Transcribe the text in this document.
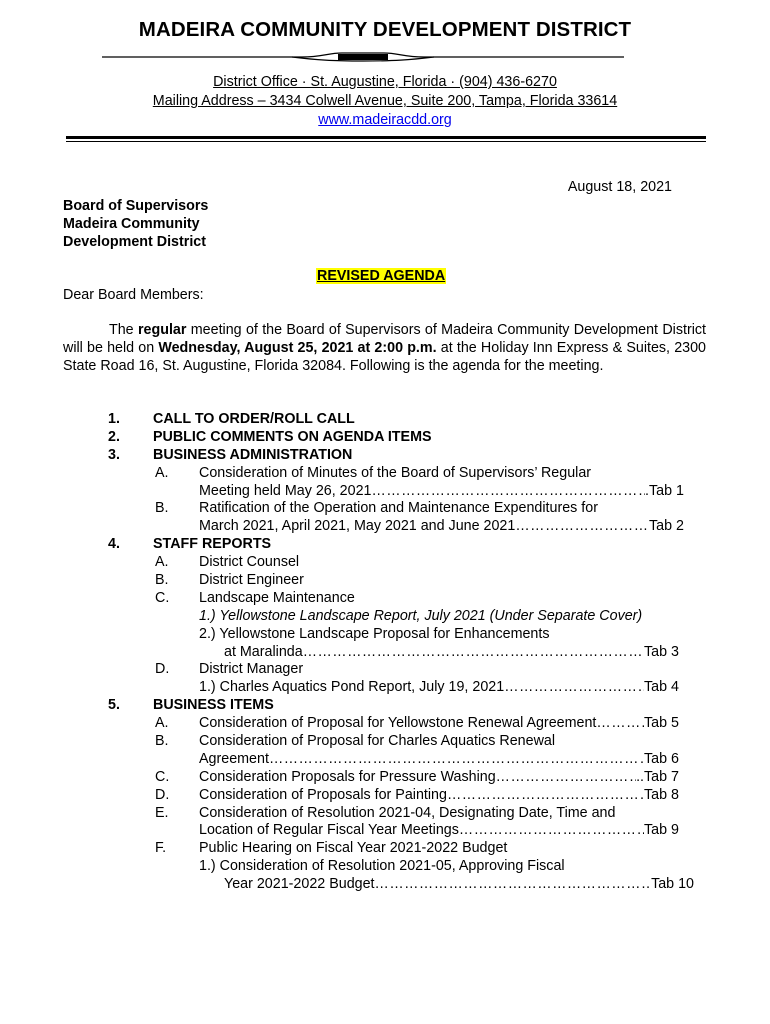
MADEIRA COMMUNITY DEVELOPMENT DISTRICT
District Office · St. Augustine, Florida · (904) 436-6270
Mailing Address – 3434 Colwell Avenue, Suite 200, Tampa, Florida 33614
www.madeiracdd.org
August 18, 2021
Board of Supervisors
Madeira Community
Development District
REVISED AGENDA
Dear Board Members:
The regular meeting of the Board of Supervisors of Madeira Community Development District will be held on Wednesday, August 25, 2021 at 2:00 p.m. at the Holiday Inn Express & Suites, 2300 State Road 16, St. Augustine, Florida 32084. Following is the agenda for the meeting.
1. CALL TO ORDER/ROLL CALL
2. PUBLIC COMMENTS ON AGENDA ITEMS
3. BUSINESS ADMINISTRATION
A. Consideration of Minutes of the Board of Supervisors’ Regular
Meeting held May 26, 2021 ……………………………………………………………………………………………………………………………………………………	.Tab 1
B. Ratification of the Operation and Maintenance Expenditures for
March 2021, April 2021, May 2021 and June 2021 ……………………………………………………………………………………………………………………………………………………	Tab 2
4. STAFF REPORTS
A. District Counsel
B. District Engineer
C. Landscape Maintenance
1.) Yellowstone Landscape Report, July 2021 (Under Separate Cover)
2.) Yellowstone Landscape Proposal for Enhancements
at Maralinda ……………………………………………………………………………………………………………………………………………………	Tab 3
D. District Manager
1.) Charles Aquatics Pond Report, July 19, 2021 ……………………………………………………………………………………………………………………………………………………	Tab 4
5. BUSINESS ITEMS
A. Consideration of Proposal for Yellowstone Renewal Agreement ……………………………………………………………………………………………………………………………………………………	Tab 5
B. Consideration of Proposal for Charles Aquatics Renewal
Agreement ……………………………………………………………………………………………………………………………………………………	.Tab 6
C. Consideration Proposals for Pressure Washing ……………………………………………………………………………………………………………………………………………………	..Tab 7
D. Consideration of Proposals for Painting ……………………………………………………………………………………………………………………………………………………	Tab 8
E. Consideration of Resolution 2021-04, Designating Date, Time and
Location of Regular Fiscal Year Meetings ……………………………………………………………………………………………………………………………………………………	Tab 9
F. Public Hearing on Fiscal Year 2021-2022 Budget
1.) Consideration of Resolution 2021-05, Approving Fiscal
Year 2021-2022 Budget ……………………………………………………………………………………………………………………………………………………	Tab 10
